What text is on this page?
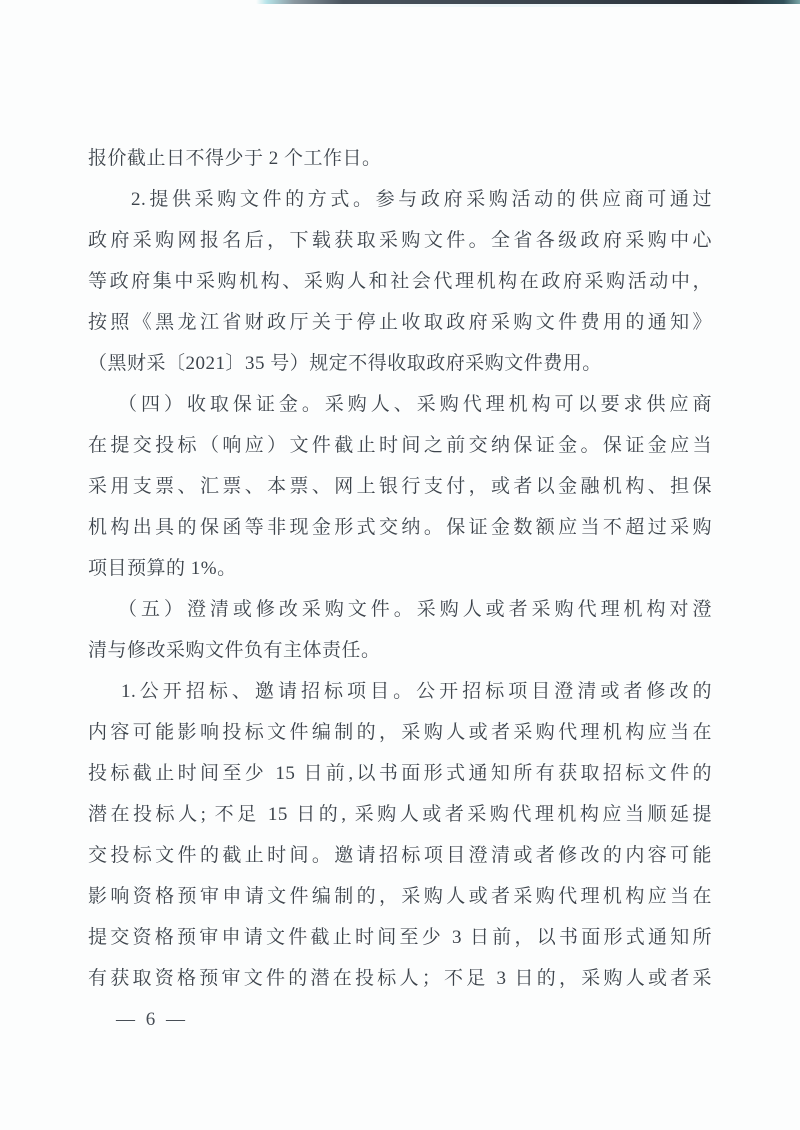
报价截止日不得少于 2 个工作日。
2.提供采购文件的方式。参与政府采购活动的供应商可通过
政府采购网报名后，下载获取采购文件。全省各级政府采购中心
等政府集中采购机构、采购人和社会代理机构在政府采购活动中，
按照《黑龙江省财政厅关于停止收取政府采购文件费用的通知》
（黑财采〔2021〕35 号）规定不得收取政府采购文件费用。
（四）收取保证金。采购人、采购代理机构可以要求供应商
在提交投标（响应）文件截止时间之前交纳保证金。保证金应当
采用支票、汇票、本票、网上银行支付，或者以金融机构、担保
机构出具的保函等非现金形式交纳。保证金数额应当不超过采购
项目预算的 1%。
（五）澄清或修改采购文件。采购人或者采购代理机构对澄
清与修改采购文件负有主体责任。
1.公开招标、邀请招标项目。公开招标项目澄清或者修改的
内容可能影响投标文件编制的，采购人或者采购代理机构应当在
投标截止时间至少 15 日前,以书面形式通知所有获取招标文件的
潜在投标人; 不足 15 日的, 采购人或者采购代理机构应当顺延提
交投标文件的截止时间。邀请招标项目澄清或者修改的内容可能
影响资格预审申请文件编制的，采购人或者采购代理机构应当在
提交资格预审申请文件截止时间至少 3 日前，以书面形式通知所
有获取资格预审文件的潜在投标人；不足 3 日的，采购人或者采
— 6 —
